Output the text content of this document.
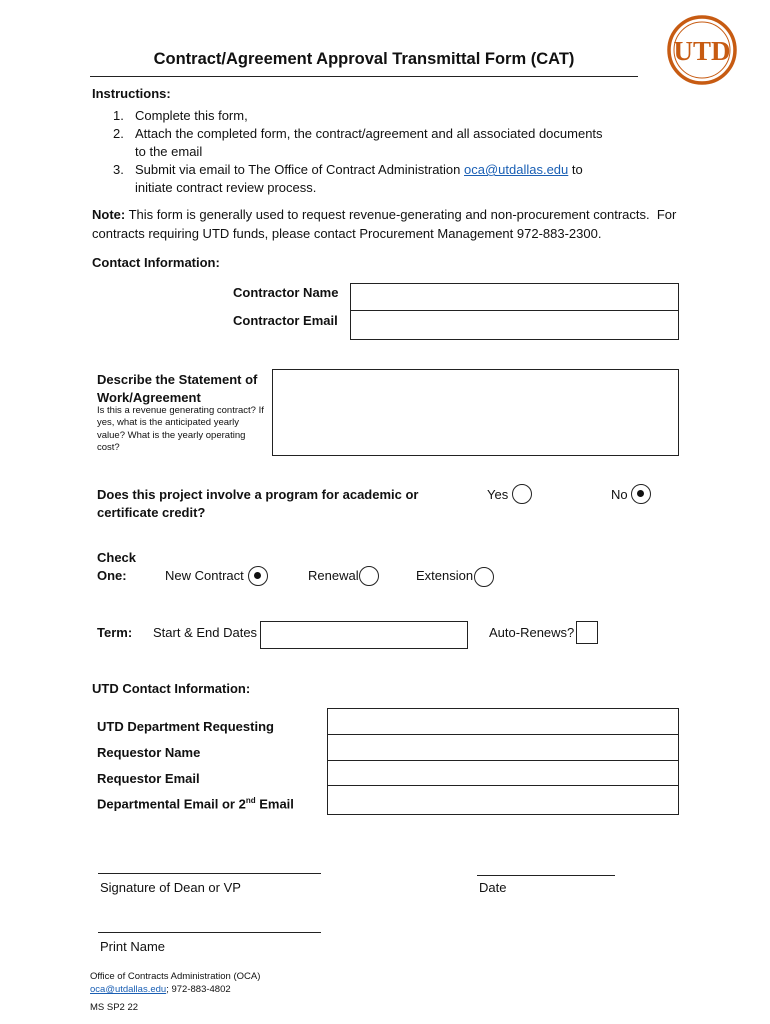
Contract/Agreement Approval Transmittal Form (CAT)	UTD
Instructions:
1. Complete this form,
2. Attach the completed form, the contract/agreement and all associated documents
to the email
3. Submit via email to The Office of Contract Administration oca@utdallas.edu to
initiate contract review process.
Note: This form is generally used to request revenue-generating and non-procurement contracts.  For
contracts requiring UTD funds, please contact Procurement Management 972-883-2300.
Contact Information:
Contractor Name
Contractor Email
Describe the Statement of
Work/Agreement
Is this a revenue generating contract? If
yes, what is the anticipated yearly
value? What is the yearly operating
cost?
Does this project involve a program for academic or
certificate credit?
Yes	No
Check
One:	New Contract	Renewal	Extension
Term: Start & End Dates	Auto-Renews?
UTD Contact Information:
UTD Department Requesting
Requestor Name
Requestor Email
Departmental Email or 2nd Email
Signature of Dean or VP	Date
Print Name
Office of Contracts Administration (OCA)
oca@utdallas.edu; 972-883-4802
MS SP2 22
